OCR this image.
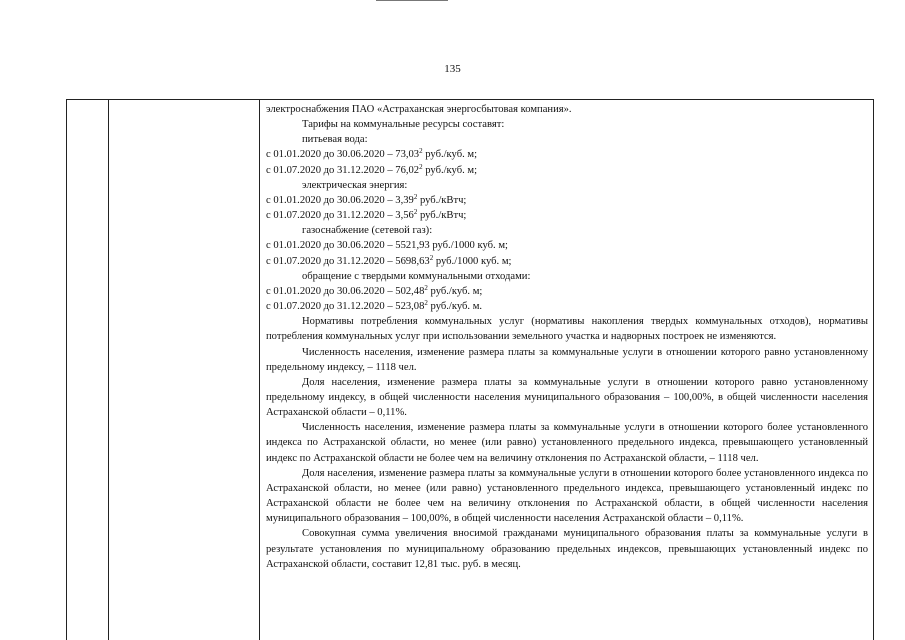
135

электроснабжения ПАО «Астраханская энергосбытовая компания».

Тарифы на коммунальные ресурсы составят:

питьевая вода:

с 01.01.2020 до 30.06.2020 – 73,03$^2$ руб./куб. м;

с 01.07.2020 до 31.12.2020 – 76,02$^2$ руб./куб. м;

электрическая энергия:

с 01.01.2020 до 30.06.2020 – 3,39$^2$ руб./кВтч;

с 01.07.2020 до 31.12.2020 – 3,56$^2$ руб./кВтч;

газоснабжение (сетевой газ):

с 01.01.2020 до 30.06.2020 – 5521,93 руб./1000 куб. м;

с 01.07.2020 до 31.12.2020 – 5698,63$^2$ руб./1000 куб. м;

обращение с твердыми коммунальными отходами:

с 01.01.2020 до 30.06.2020 – 502,48$^2$ руб./куб. м;

с 01.07.2020 до 31.12.2020 – 523,08$^2$ руб./куб. м.

Нормативы потребления коммунальных услуг (нормативы накопления твердых коммунальных отходов), нормативы потребления коммунальных услуг при использовании земельного участка и надворных построек не изменяются.

Численность населения, изменение размера платы за коммунальные услуги в отношении которого равно установленному предельному индексу, – 1118 чел.

Доля населения, изменение размера платы за коммунальные услуги в отношении которого равно установленному предельному индексу, в общей численности населения муниципального образования – 100,00%, в общей численности населения Астраханской области – 0,11%.

Численность населения, изменение размера платы за коммунальные услуги в отношении которого более установленного индекса по Астраханской области, но менее (или равно) установленного предельного индекса, превышающего установленный индекс по Астраханской области не более чем на величину отклонения по Астраханской области, – 1118 чел.

Доля населения, изменение размера платы за коммунальные услуги в отношении которого более установленного индекса по Астраханской области, но менее (или равно) установленного предельного индекса, превышающего установленный индекс по Астраханской области не более чем на величину отклонения по Астраханской области, в общей численности населения муниципального образования – 100,00%, в общей численности населения Астраханской области – 0,11%.

Совокупная сумма увеличения вносимой гражданами муниципального образования платы за коммунальные услуги в результате установления по муниципальному образованию предельных индексов, превышающих установленный индекс по Астраханской области, составит 12,81 тыс. руб. в месяц.
